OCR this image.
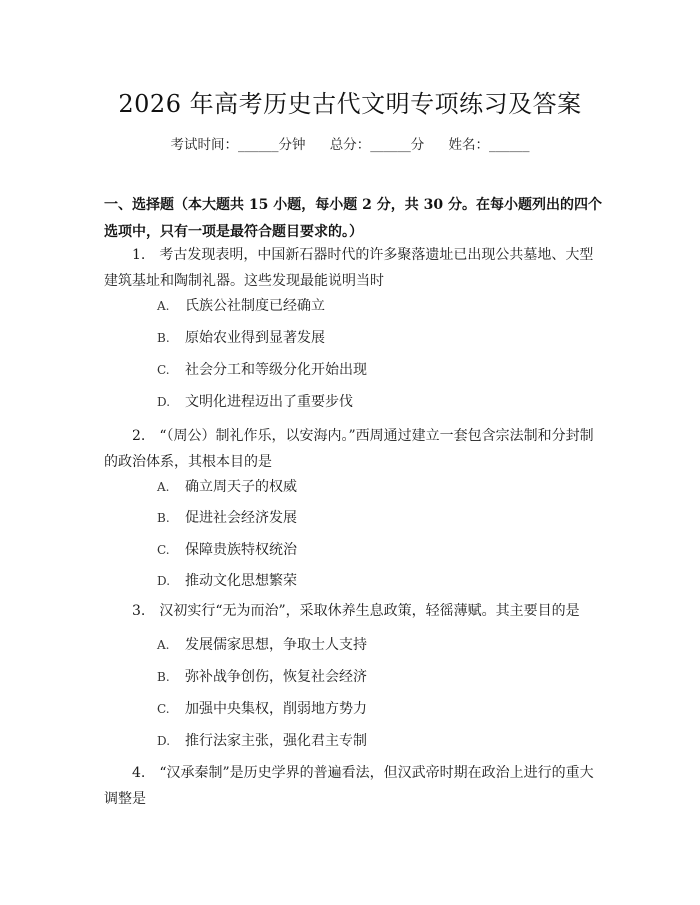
2026 年高考历史古代文明专项练习及答案
考试时间：______分钟 总分：______分 姓名：______
一、选择题（本大题共 15 小题，每小题 2 分，共 30 分。在每小题列出的四个选项中，只有一项是最符合题目要求的。）
1. 考古发现表明，中国新石器时代的许多聚落遗址已出现公共墓地、大型建筑基址和陶制礼器。这些发现最能说明当时
A. 氏族公社制度已经确立
B. 原始农业得到显著发展
C. 社会分工和等级分化开始出现
D. 文明化进程迈出了重要步伐
2. “（周公）制礼作乐，以安海内。”西周通过建立一套包含宗法制和分封制的政治体系，其根本目的是
A. 确立周天子的权威
B. 促进社会经济发展
C. 保障贵族特权统治
D. 推动文化思想繁荣
3. 汉初实行“无为而治”，采取休养生息政策，轻徭薄赋。其主要目的是
A. 发展儒家思想，争取士人支持
B. 弥补战争创伤，恢复社会经济
C. 加强中央集权，削弱地方势力
D. 推行法家主张，强化君主专制
4. “汉承秦制”是历史学界的普遍看法，但汉武帝时期在政治上进行的重大调整是
